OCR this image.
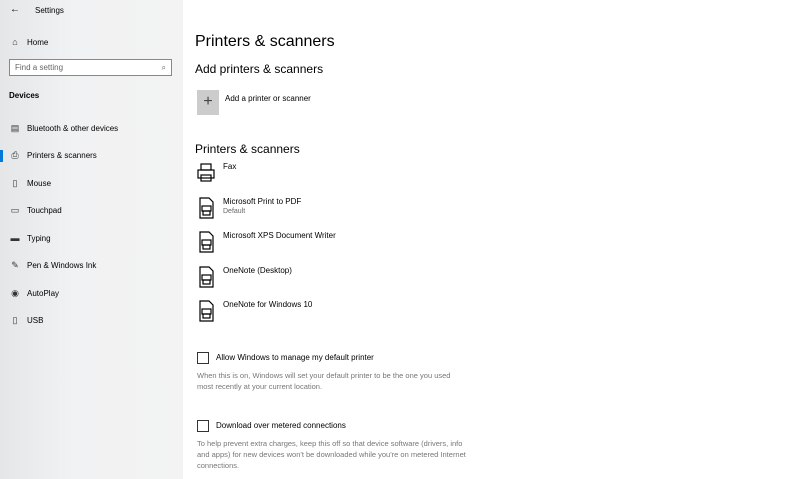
← Settings
⌂	Home
Find a setting	⌕
Devices
▤ Bluetooth & other devices
⎙	Printers & scanners
▯	Mouse
▭ Touchpad
▬ Typing
✎ Pen & Windows Ink
◉ AutoPlay
▯	USB
Printers & scanners
Add printers & scanners
+	Add a printer or scanner
Printers & scanners
Fax
Microsoft Print to PDF
Default
Microsoft XPS Document Writer
OneNote (Desktop)
OneNote for Windows 10
Allow Windows to manage my default printer
When this is on, Windows will set your default printer to be the one you used most recently at your current location.
Download over metered connections
To help prevent extra charges, keep this off so that device software (drivers, info and apps) for new devices won't be downloaded while you're on metered Internet connections.
